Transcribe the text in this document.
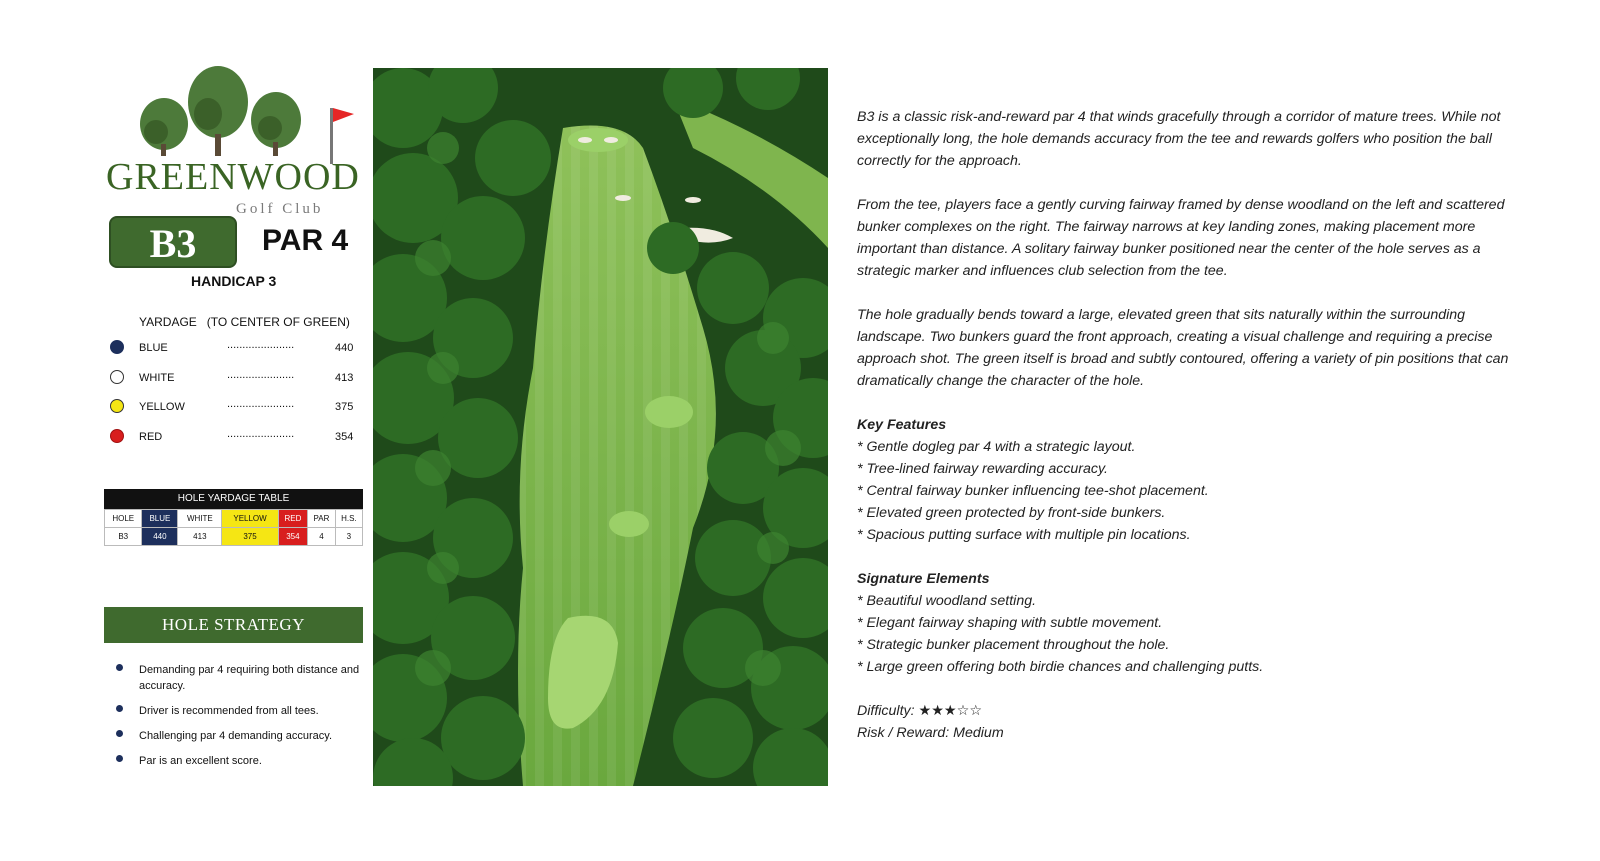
GREENWOOD
Golf Club
B3	PAR 4
HANDICAP 3
YARDAGE   (TO CENTER OF GREEN)
BLUE	......................	440
WHITE	......................	413
YELLOW	......................	375
RED	......................	354
HOLE YARDAGE TABLE
HOLE	BLUE	WHITE	YELLOW	RED	PAR	H.S.
B3	440	413	375	354	4	3
HOLE STRATEGY
Demanding par 4 requiring both distance and accuracy.
Driver is recommended from all tees.
Challenging par 4 demanding accuracy.
Par is an excellent score.

B3 is a classic risk-and-reward par 4 that winds gracefully through a corridor of mature trees. While not exceptionally long, the hole demands accuracy from the tee and rewards golfers who position the ball correctly for the approach.

From the tee, players face a gently curving fairway framed by dense woodland on the left and scattered bunker complexes on the right. The fairway narrows at key landing zones, making placement more important than distance. A solitary fairway bunker positioned near the center of the hole serves as a strategic marker and influences club selection from the tee.

The hole gradually bends toward a large, elevated green that sits naturally within the surrounding landscape. Two bunkers guard the front approach, creating a visual challenge and requiring a precise approach shot. The green itself is broad and subtly contoured, offering a variety of pin positions that can dramatically change the character of the hole.

Key Features
* Gentle dogleg par 4 with a strategic layout.
* Tree-lined fairway rewarding accuracy.
* Central fairway bunker influencing tee-shot placement.
* Elevated green protected by front-side bunkers.
* Spacious putting surface with multiple pin locations.

Signature Elements
* Beautiful woodland setting.
* Elegant fairway shaping with subtle movement.
* Strategic bunker placement throughout the hole.
* Large green offering both birdie chances and challenging putts.

Difficulty: ★★★☆☆
Risk / Reward: Medium
